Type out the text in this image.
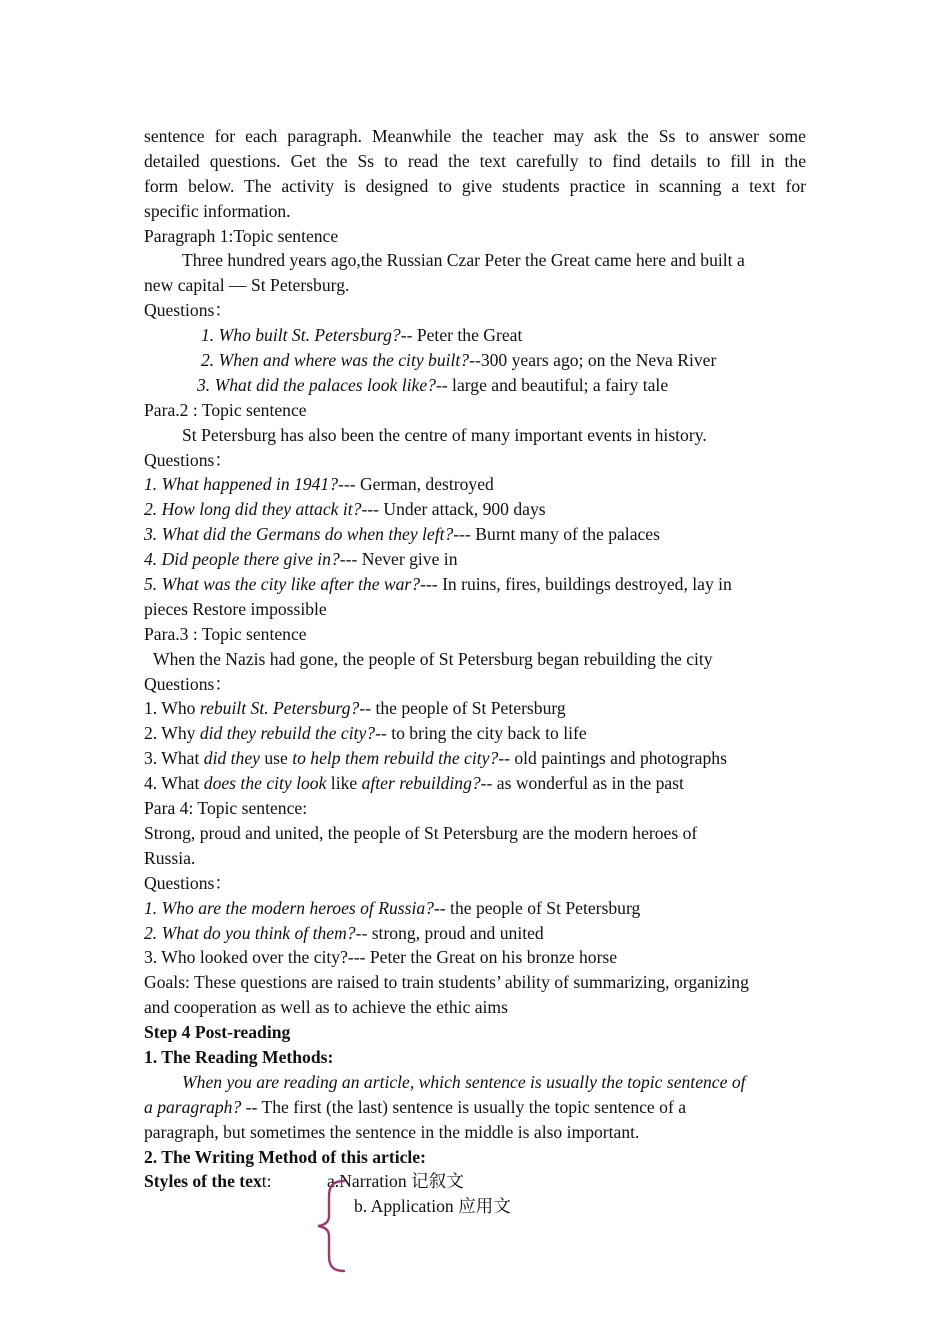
sentence for each paragraph. Meanwhile the teacher may ask the Ss to answer some
detailed questions. Get the Ss to read the text carefully to find details to fill in the
form below. The activity is designed to give students practice in scanning a text for
specific information.
Paragraph 1:Topic sentence
Three hundred years ago,the Russian Czar Peter the Great came here and built a
new capital — St Petersburg.
Questions：
1. Who built St. Petersburg?-- Peter the Great
2. When and where was the city built?--300 years ago; on the Neva River
3. What did the palaces look like?-- large and beautiful; a fairy tale
Para.2 : Topic sentence
St Petersburg has also been the centre of many important events in history.
Questions：
1. What happened in 1941?--- German, destroyed
2. How long did they attack it?--- Under attack, 900 days
3. What did the Germans do when they left?--- Burnt many of the palaces
4. Did people there give in?--- Never give in
5. What was the city like after the war?--- In ruins, fires, buildings destroyed, lay in
pieces Restore impossible
Para.3 : Topic sentence
When the Nazis had gone, the people of St Petersburg began rebuilding the city
Questions：
1. Who rebuilt St. Petersburg?-- the people of St Petersburg
2. Why did they rebuild the city?-- to bring the city back to life
3. What did they use to help them rebuild the city?-- old paintings and photographs
4. What does the city look like after rebuilding?-- as wonderful as in the past
Para 4: Topic sentence:
Strong, proud and united, the people of St Petersburg are the modern heroes of
Russia.
Questions：
1. Who are the modern heroes of Russia?-- the people of St Petersburg
2. What do you think of them?-- strong, proud and united
3. Who looked over the city?--- Peter the Great on his bronze horse
Goals: These questions are raised to train students’ ability of summarizing, organizing
and cooperation as well as to achieve the ethic aims
Step 4 Post-reading
1. The Reading Methods:
When you are reading an article, which sentence is usually the topic sentence of
a paragraph? -- The first (the last) sentence is usually the topic sentence of a
paragraph, but sometimes the sentence in the middle is also important.
2. The Writing Method of this article:
Styles of the text:	a.Narration 记叙文
b. Application 应用文
